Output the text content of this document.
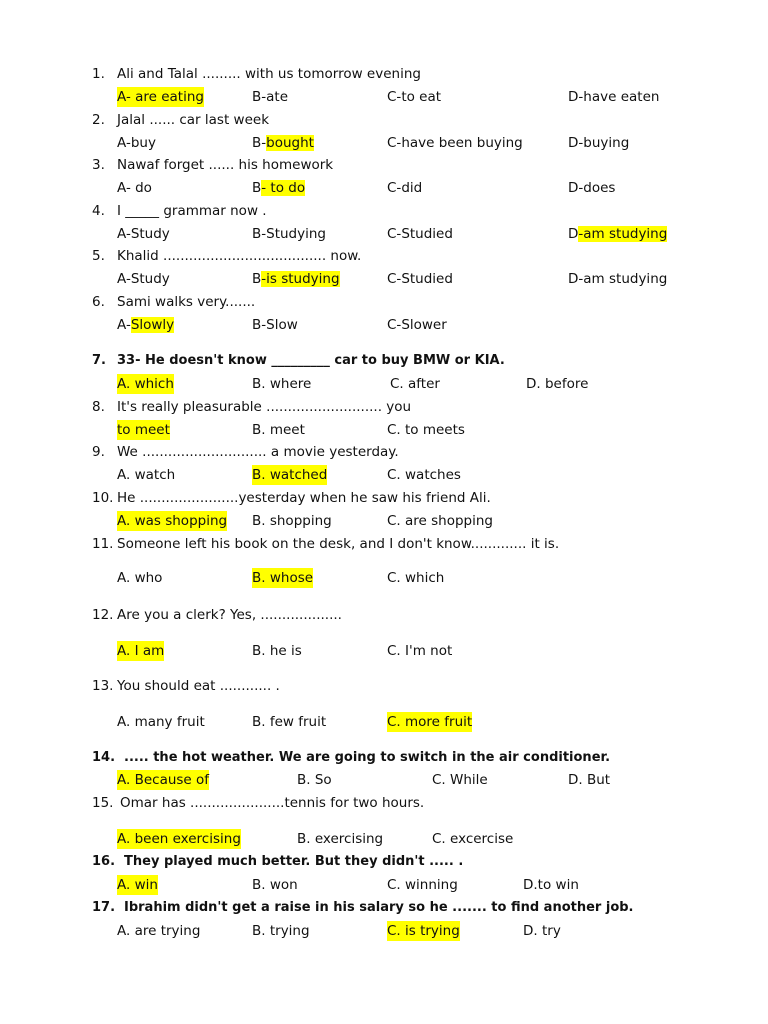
1. Ali and Talal ......... with us tomorrow evening
A- are eating	B-ate	C-to eat	D-have eaten
2. Jalal ...... car last week
A-buy	B-bought	C-have been buying	D-buying
3. Nawaf forget ...... his homework
A- do	B- to do	C-did	D-does
4. I _____ grammar now .
A-Study	B-Studying	C-Studied	D-am studying
5. Khalid ...................................... now.
A-Study	B-is studying	C-Studied	D-am studying
6. Sami walks very.......
A-Slowly	B-Slow	C-Slower
7. 33- He doesn't know _________ car to buy BMW or KIA.
A. which	B. where	C. after	D. before
8. It's really pleasurable ........................... you
to meet	B. meet	C. to meets
9. We ............................. a movie yesterday.
A. watch	B. watched	C. watches
10. He .......................yesterday when he saw his friend Ali.
A. was shopping B. shopping	C. are shopping
11. Someone left his book on the desk, and I don't know............. it is.
A. who	B. whose	C. which
12. Are you a clerk? Yes, ...................
A. I am	B. he is	C. I'm not
13. You should eat ............ .
A. many fruit	B. few fruit	C. more fruit
14. ..... the hot weather. We are going to switch in the air conditioner.
A. Because of	B. So	C. While	D. But
15. Omar has ......................tennis for two hours.
A. been exercising	B. exercising	C. excercise
16. They played much better. But they didn't ..... .
A. win	B. won	C. winning	D.to win
17. Ibrahim didn't get a raise in his salary so he ....... to find another job.
A. are trying	B. trying	C. is trying	D. try
